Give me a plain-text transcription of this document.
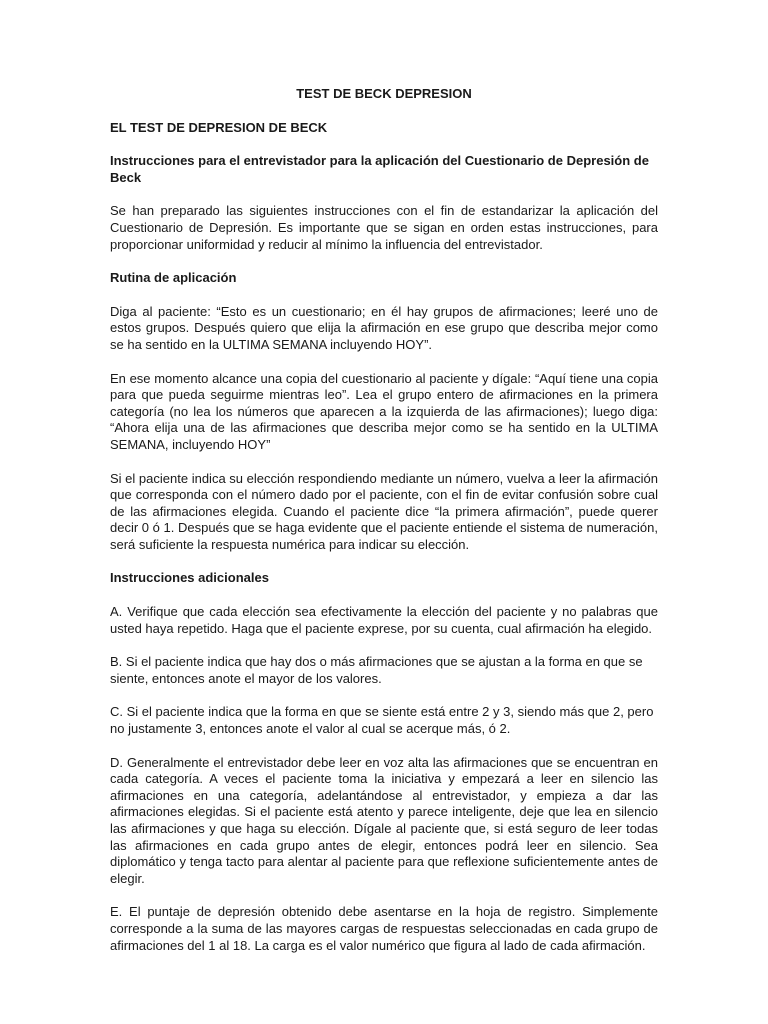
TEST DE BECK DEPRESION
EL TEST DE DEPRESION DE BECK
Instrucciones para el entrevistador para la aplicación del Cuestionario de Depresión de Beck

Se han preparado las siguientes instrucciones con el fin de estandarizar la aplicación del Cuestionario de Depresión. Es importante que se sigan en orden estas instrucciones, para proporcionar uniformidad y reducir al mínimo la influencia del entrevistador.

Rutina de aplicación

Diga al paciente: “Esto es un cuestionario; en él hay grupos de afirmaciones; leeré uno de estos grupos. Después quiero que elija la afirmación en ese grupo que describa mejor como se ha sentido en la ULTIMA SEMANA incluyendo HOY”.

En ese momento alcance una copia del cuestionario al paciente y dígale: “Aquí tiene una copia para que pueda seguirme mientras leo”. Lea el grupo entero de afirmaciones en la primera categoría (no lea los números que aparecen a la izquierda de las afirmaciones); luego diga: “Ahora elija una de las afirmaciones que describa mejor como se ha sentido en la ULTIMA SEMANA, incluyendo HOY”

Si el paciente indica su elección respondiendo mediante un número, vuelva a leer la afirmación que corresponda con el número dado por el paciente, con el fin de evitar confusión sobre cual de las afirmaciones elegida. Cuando el paciente dice “la primera afirmación”, puede querer decir 0 ó 1. Después que se haga evidente que el paciente entiende el sistema de numeración, será suficiente la respuesta numérica para indicar su elección.

Instrucciones adicionales

A. Verifique que cada elección sea efectivamente la elección del paciente y no palabras que usted haya repetido. Haga que el paciente exprese, por su cuenta, cual afirmación ha elegido.

B. Si el paciente indica que hay dos o más afirmaciones que se ajustan a la forma en que se siente, entonces anote el mayor de los valores.

C. Si el paciente indica que la forma en que se siente está entre 2 y 3, siendo más que 2, pero no justamente 3, entonces anote el valor al cual se acerque más, ó 2.

D. Generalmente el entrevistador debe leer en voz alta las afirmaciones que se encuentran en cada categoría. A veces el paciente toma la iniciativa y empezará a leer en silencio las afirmaciones en una categoría, adelantándose al entrevistador, y empieza a dar las afirmaciones elegidas. Si el paciente está atento y parece inteligente, deje que lea en silencio las afirmaciones y que haga su elección. Dígale al paciente que, si está seguro de leer todas las afirmaciones en cada grupo antes de elegir, entonces podrá leer en silencio. Sea diplomático y tenga tacto para alentar al paciente para que reflexione suficientemente antes de elegir.

E. El puntaje de depresión obtenido debe asentarse en la hoja de registro. Simplemente corresponde a la suma de las mayores cargas de respuestas seleccionadas en cada grupo de afirmaciones del 1 al 18. La carga es el valor numérico que figura al lado de cada afirmación.
